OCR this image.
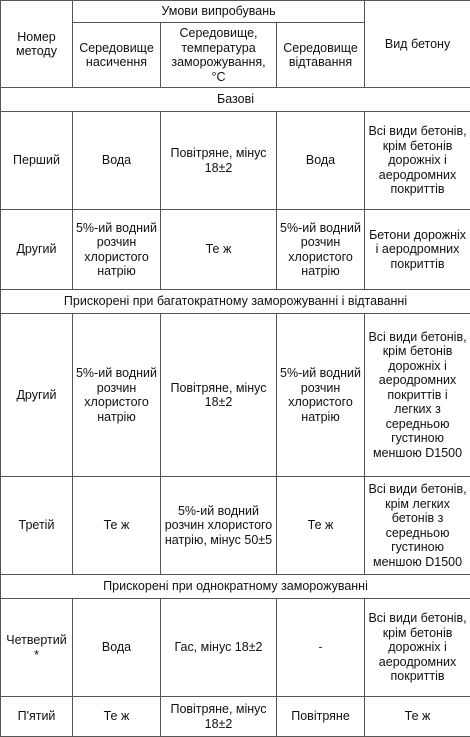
Номер методу	Умови випробувань			Вид бетону
	Середовище насичення	Середовище, температура заморожування, °С	Середовище відтавання	
Базові				
Перший	Вода	Повітряне, мінус 18±2	Вода	Всі види бетонів, крім бетонів дорожніх і аеродромних покриттів
Другий	5%-ий водний розчин хлористого натрію	Те ж	5%-ий водний розчин хлористого натрію	Бетони дорожніх і аеродромних покриттів
Прискорені при багатократному заморожуванні і відтаванні				
Другий	5%-ий водний розчин хлористого натрію	Повітряне, мінус 18±2	5%-ий водний розчин хлористого натрію	Всі види бетонів, крім бетонів дорожніх і аеродромних покриттів і легких з середньою густиною меншою D1500
Третій	Те ж	5%-ий водний розчин хлористого натрію, мінус 50±5	Те ж	Всі види бетонів, крім легких бетонів з середньою густиною меншою D1500
Прискорені при однократному заморожуванні				
Четвертий *	Вода	Гас, мінус 18±2	-	Всі види бетонів, крім бетонів дорожніх і аеродромних покриттів
П'ятий	Те ж	Повітряне, мінус 18±2	Повітряне	Те ж
